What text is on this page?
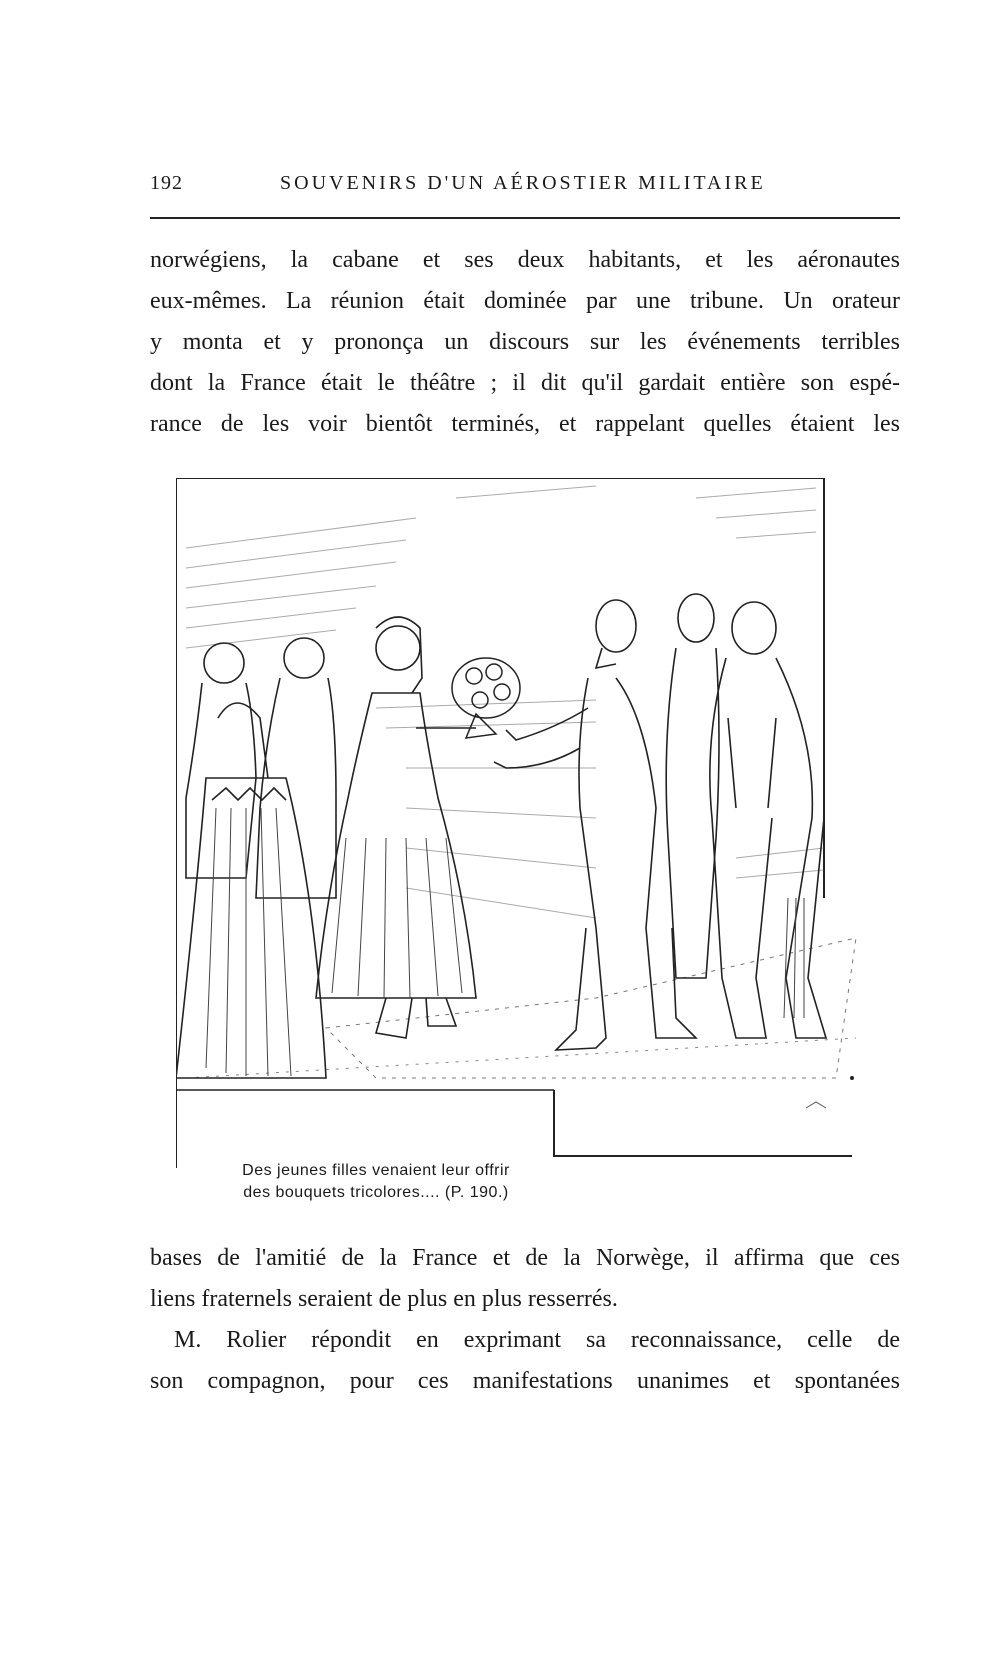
192	SOUVENIRS D'UN AÉROSTIER MILITAIRE

norwégiens, la cabane et ses deux habitants, et les aéronautes

eux-mêmes. La réunion était dominée par une tribune. Un orateur

y monta et y prononça un discours sur les événements terribles

dont la France était le théâtre ; il dit qu'il gardait entière son espé-

rance de les voir bientôt terminés, et rappelant quelles étaient les

Des jeunes filles venaient leur offrir
des bouquets tricolores.... (P. 190.)

bases de l'amitié de la France et de la Norwège, il affirma que ces

liens fraternels seraient de plus en plus resserrés.

M. Rolier répondit en exprimant sa reconnaissance, celle de

son compagnon, pour ces manifestations unanimes et spontanées
